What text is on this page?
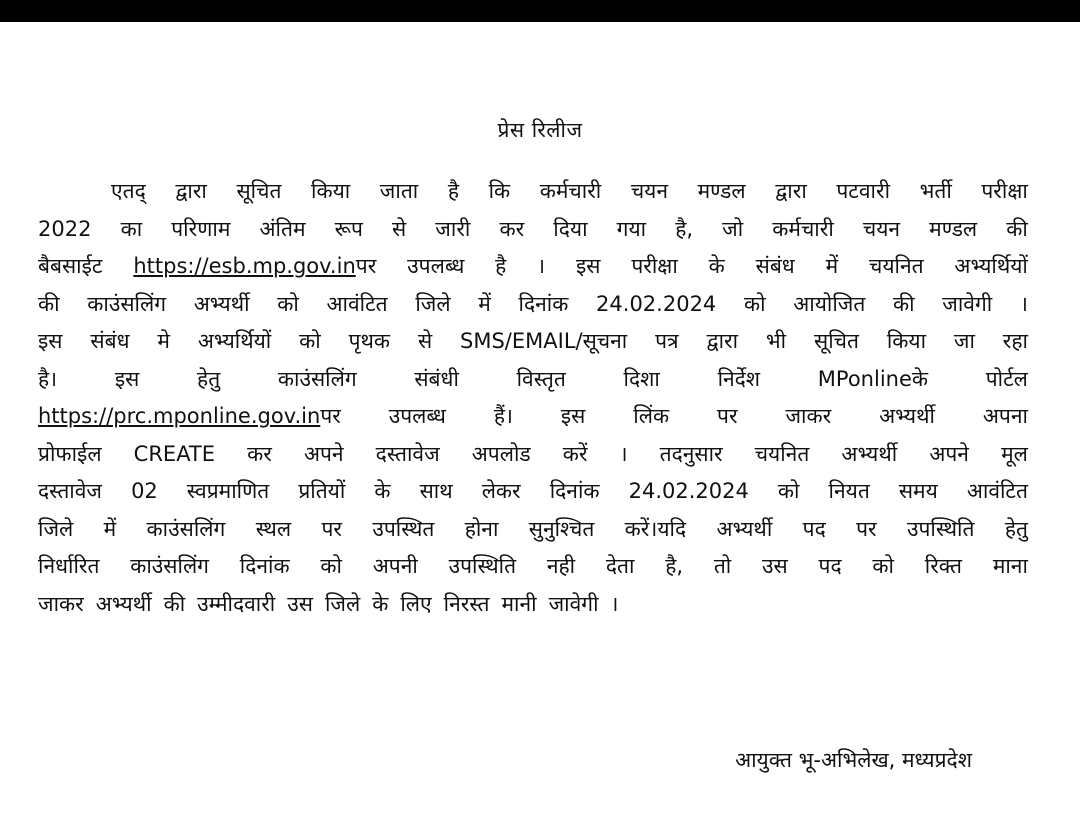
प्रेस रिलीज
एतद् द्वारा सूचित किया जाता है कि कर्मचारी चयन मण्डल द्वारा पटवारी भर्ती परीक्षा
2022 का परिणाम अंतिम रूप से जारी कर दिया गया है, जो कर्मचारी चयन मण्डल की
बैबसाईट https://esb.mp.gov.inपर उपलब्ध है । इस परीक्षा के संबंध में चयनित अभ्यर्थियों
की काउंसलिंग अभ्यर्थी को आवंटित जिले में दिनांक 24.02.2024 को आयोजित की जावेगी ।
इस संबंध मे अभ्यर्थियों को पृथक से SMS/EMAIL/सूचना पत्र द्वारा भी सूचित किया जा रहा
है।	इस	हेतु	काउंसलिंग	संबंधी	विस्तृत	दिशा	निर्देश	MPonlineके	पोर्टल
https://prc.mponline.gov.inपर उपलब्ध हैं। इस लिंक पर जाकर अभ्यर्थी अपना
प्रोफाईल CREATE कर अपने दस्तावेज अपलोड करें । तदनुसार चयनित अभ्यर्थी अपने मूल
दस्तावेज 02 स्वप्रमाणित प्रतियों के साथ लेकर दिनांक 24.02.2024 को नियत समय आवंटित
जिले में काउंसलिंग स्थल पर उपस्थित होना सुनुश्चित करें।यदि अभ्यर्थी पद पर उपस्थिति हेतु
निर्धारित काउंसलिंग दिनांक को अपनी उपस्थिति नही देता है, तो उस पद को रिक्त माना
जाकर अभ्यर्थी की उम्मीदवारी उस जिले के लिए निरस्त मानी जावेगी ।
आयुक्त भू-अभिलेख, मध्यप्रदेश
